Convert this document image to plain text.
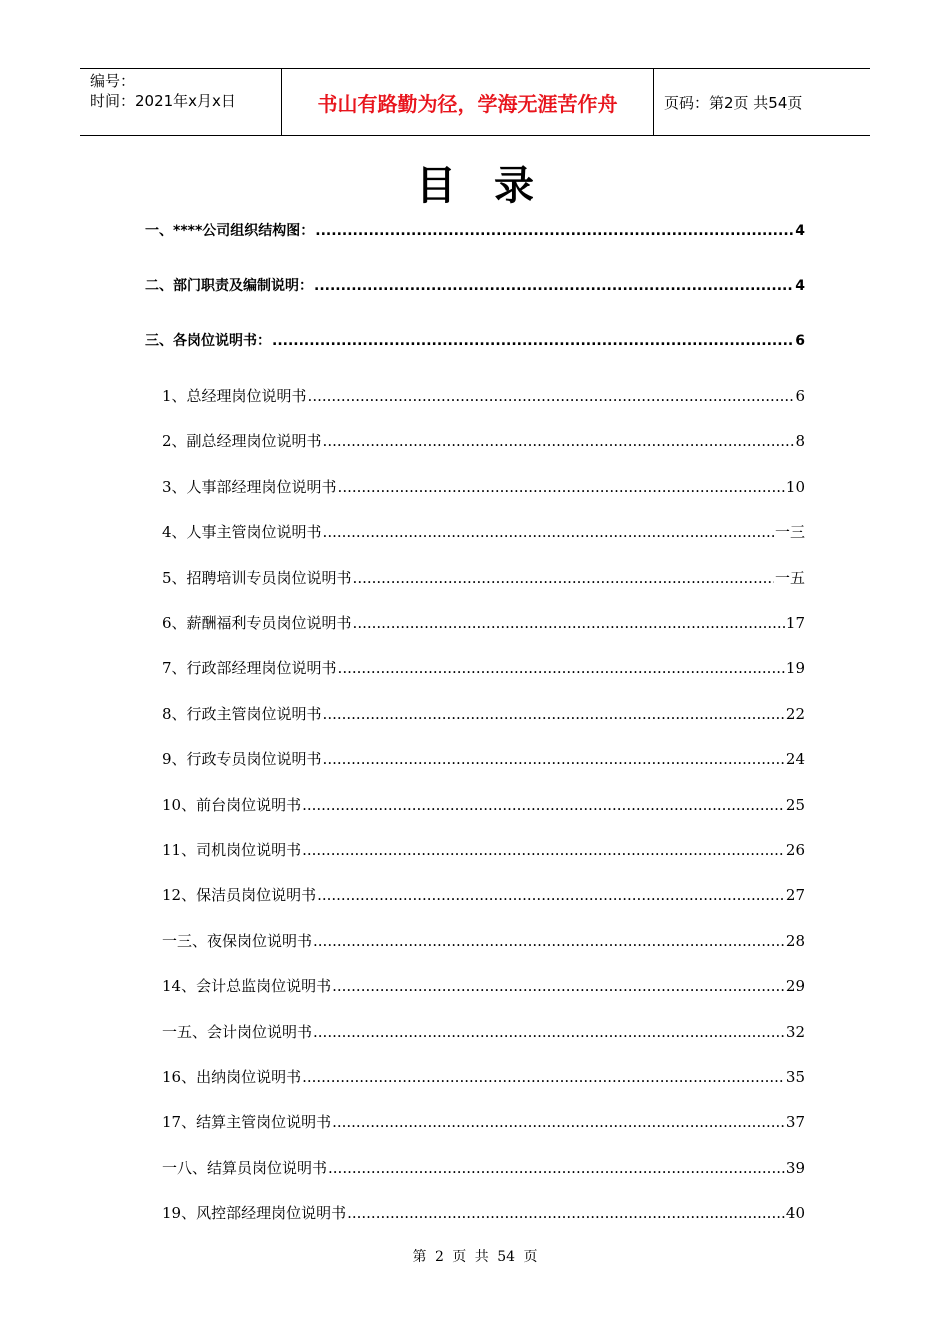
编号：
时间：2021年x月x日	书山有路勤为径，学海无涯苦作舟	页码：第2页 共54页
目录
一、****公司组织结构图： .....	4
二、部门职责及编制说明： .....	4
三、各岗位说明书： .....	6
1、总经理岗位说明书 .....	6
2、副总经理岗位说明书 .....	8
3、人事部经理岗位说明书 .....	10
4、人事主管岗位说明书 .....	一三
5、招聘培训专员岗位说明书 .....	一五
6、薪酬福利专员岗位说明书 .....	17
7、行政部经理岗位说明书 .....	19
8、行政主管岗位说明书 .....	22
9、行政专员岗位说明书 .....	24
10、前台岗位说明书 .....	25
11、司机岗位说明书 .....	26
12、保洁员岗位说明书 .....	27
一三、夜保岗位说明书 .....	28
14、会计总监岗位说明书 .....	29
一五、会计岗位说明书 .....	32
16、出纳岗位说明书 .....	35
17、结算主管岗位说明书 .....	37
一八、结算员岗位说明书 .....	39
19、风控部经理岗位说明书 .....	40
第 2 页 共 54 页
